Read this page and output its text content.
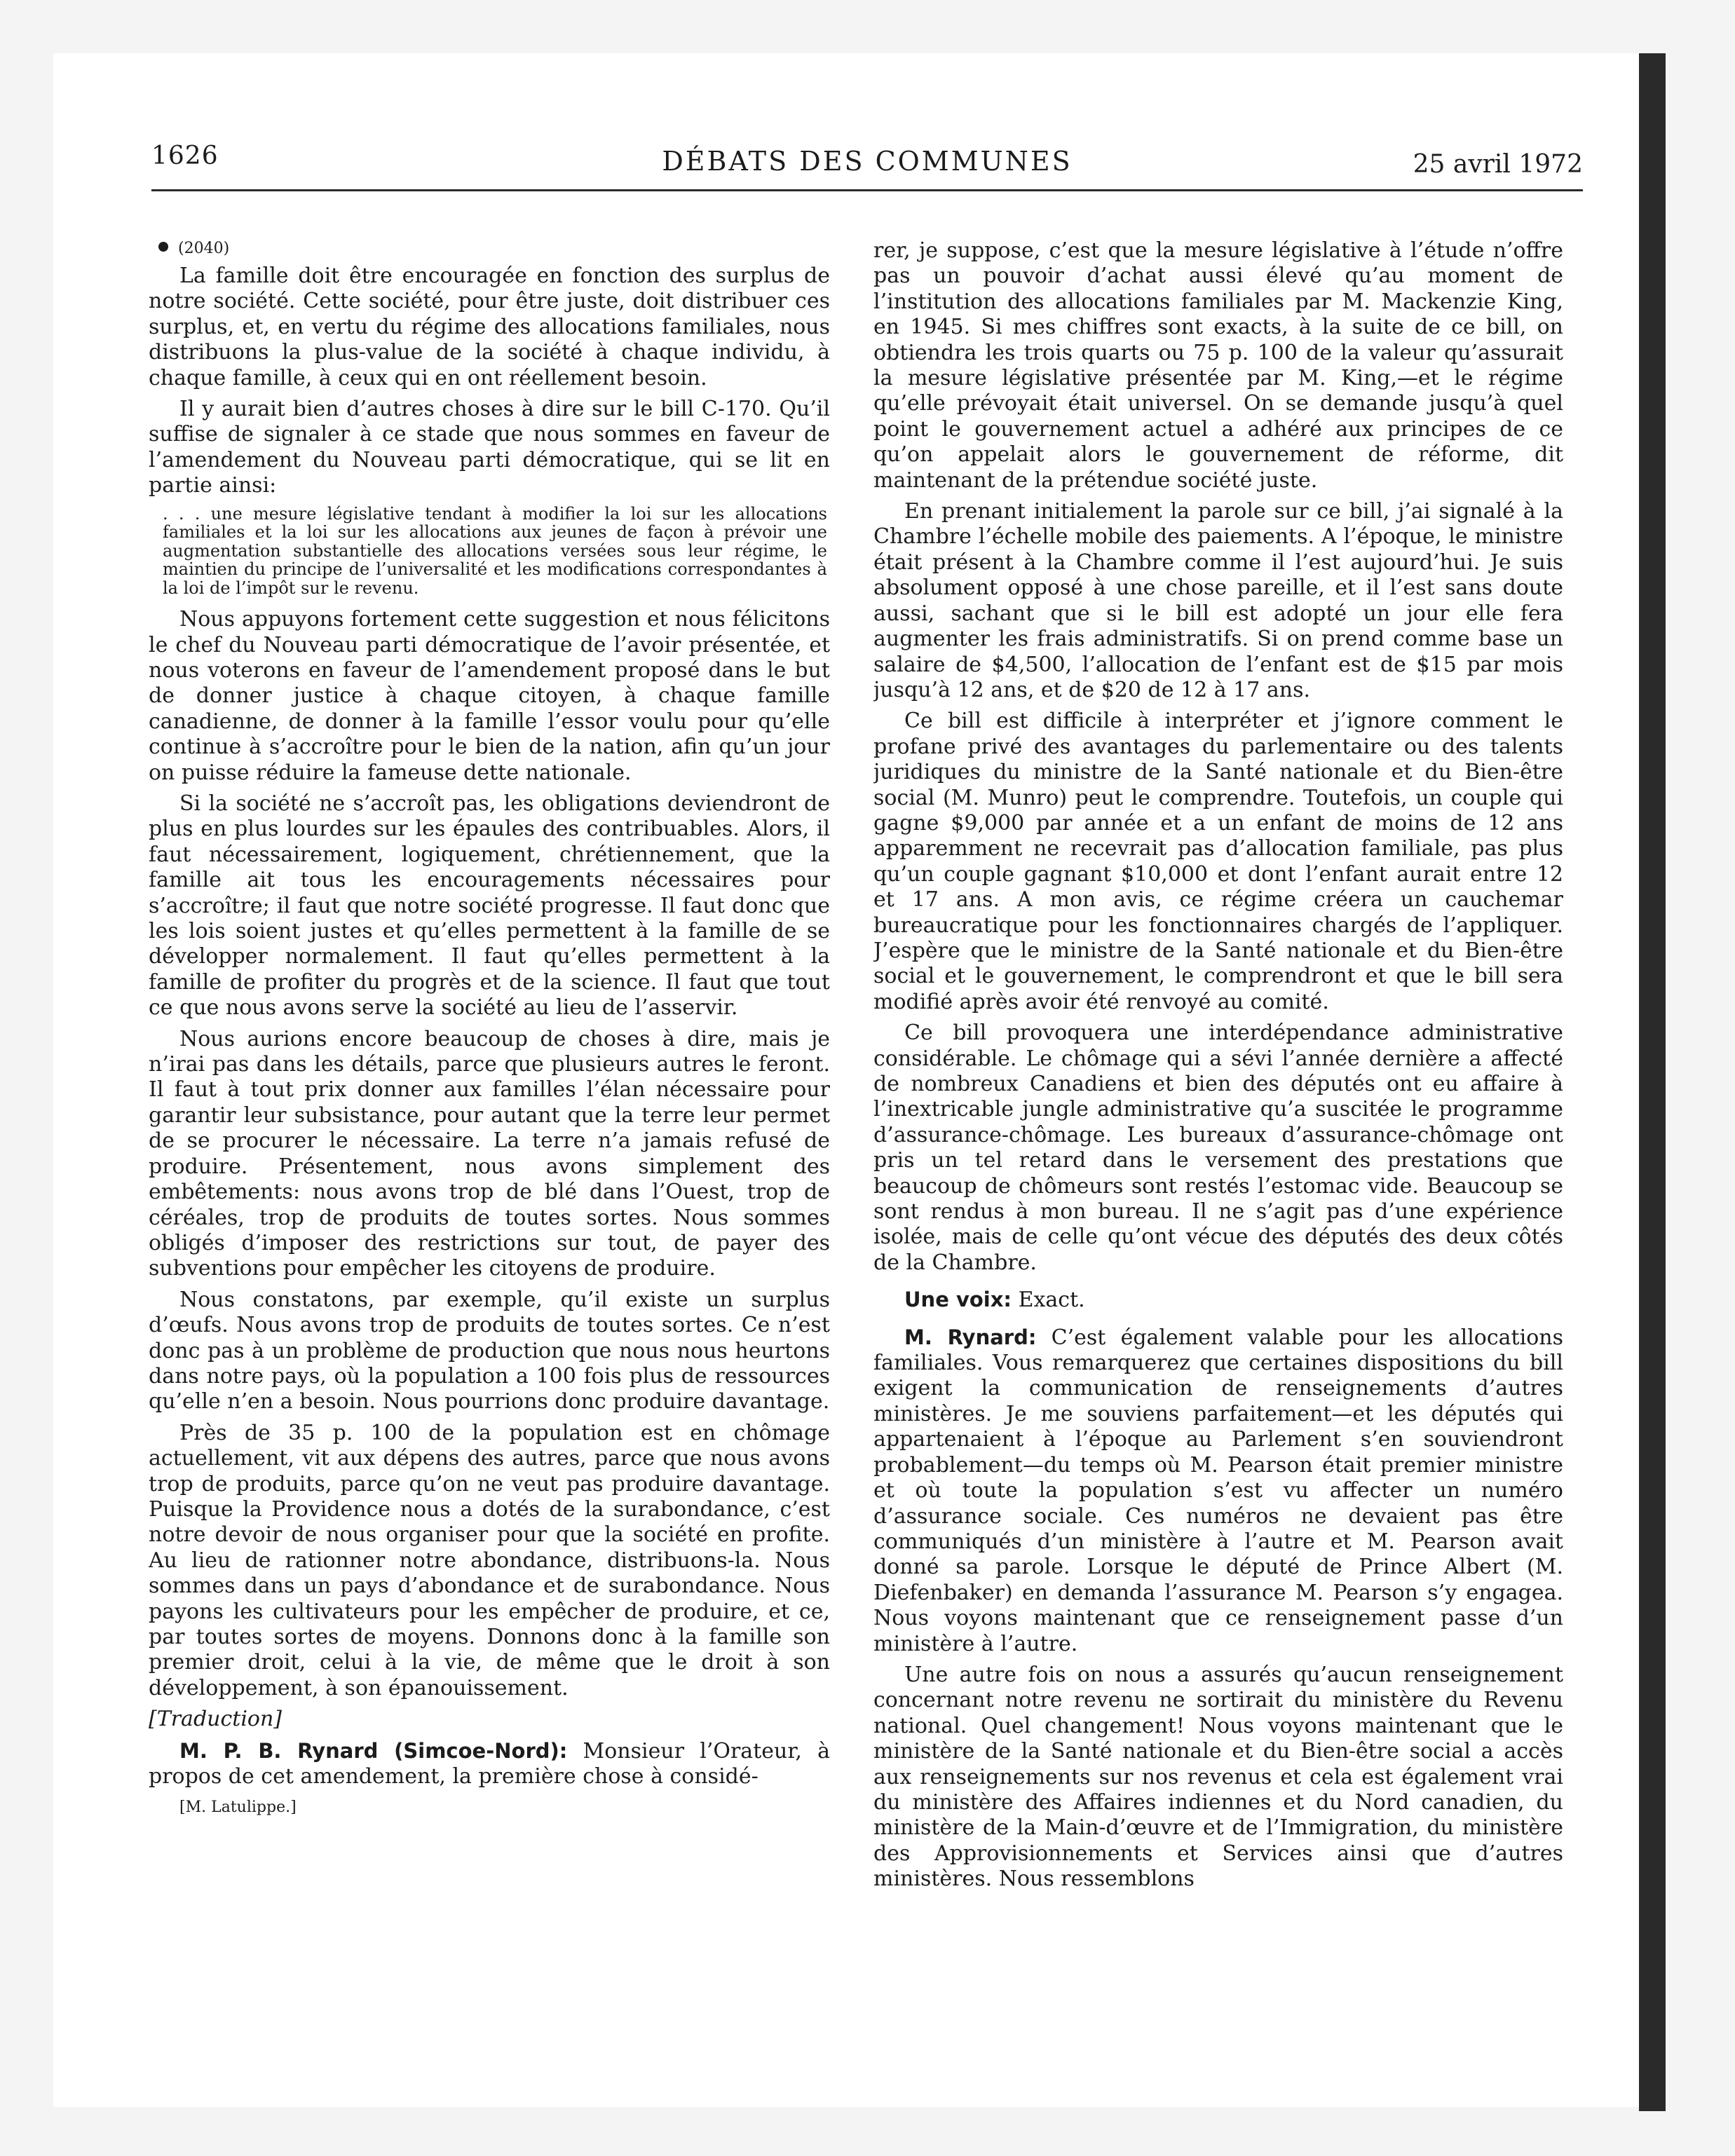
1626	DÉBATS DES COMMUNES	25 avril 1972
(2040)

La famille doit être encouragée en fonction des surplus de notre société. Cette société, pour être juste, doit distribuer ces surplus, et, en vertu du régime des allocations familiales, nous distribuons la plus-value de la société à chaque individu, à chaque famille, à ceux qui en ont réellement besoin.

Il y aurait bien d’autres choses à dire sur le bill C-170. Qu’il suffise de signaler à ce stade que nous sommes en faveur de l’amendement du Nouveau parti démocratique, qui se lit en partie ainsi:

. . . une mesure législative tendant à modifier la loi sur les allocations familiales et la loi sur les allocations aux jeunes de façon à prévoir une augmentation substantielle des allocations versées sous leur régime, le maintien du principe de l’universalité et les modifications correspondantes à la loi de l’impôt sur le revenu.

Nous appuyons fortement cette suggestion et nous félicitons le chef du Nouveau parti démocratique de l’avoir présentée, et nous voterons en faveur de l’amendement proposé dans le but de donner justice à chaque citoyen, à chaque famille canadienne, de donner à la famille l’essor voulu pour qu’elle continue à s’accroître pour le bien de la nation, afin qu’un jour on puisse réduire la fameuse dette nationale.

Si la société ne s’accroît pas, les obligations deviendront de plus en plus lourdes sur les épaules des contribuables. Alors, il faut nécessairement, logiquement, chrétiennement, que la famille ait tous les encouragements nécessaires pour s’accroître; il faut que notre société progresse. Il faut donc que les lois soient justes et qu’elles permettent à la famille de se développer normalement. Il faut qu’elles permettent à la famille de profiter du progrès et de la science. Il faut que tout ce que nous avons serve la société au lieu de l’asservir.

Nous aurions encore beaucoup de choses à dire, mais je n’irai pas dans les détails, parce que plusieurs autres le feront. Il faut à tout prix donner aux familles l’élan nécessaire pour garantir leur subsistance, pour autant que la terre leur permet de se procurer le nécessaire. La terre n’a jamais refusé de produire. Présentement, nous avons simplement des embêtements: nous avons trop de blé dans l’Ouest, trop de céréales, trop de produits de toutes sortes. Nous sommes obligés d’imposer des restrictions sur tout, de payer des subventions pour empêcher les citoyens de produire.

Nous constatons, par exemple, qu’il existe un surplus d’œufs. Nous avons trop de produits de toutes sortes. Ce n’est donc pas à un problème de production que nous nous heurtons dans notre pays, où la population a 100 fois plus de ressources qu’elle n’en a besoin. Nous pourrions donc produire davantage.

Près de 35 p. 100 de la population est en chômage actuellement, vit aux dépens des autres, parce que nous avons trop de produits, parce qu’on ne veut pas produire davantage. Puisque la Providence nous a dotés de la surabondance, c’est notre devoir de nous organiser pour que la société en profite. Au lieu de rationner notre abondance, distribuons-la. Nous sommes dans un pays d’abondance et de surabondance. Nous payons les cultivateurs pour les empêcher de produire, et ce, par toutes sortes de moyens. Donnons donc à la famille son premier droit, celui à la vie, de même que le droit à son développement, à son épanouissement.

[Traduction]

M. P. B. Rynard (Simcoe-Nord): Monsieur l’Orateur, à propos de cet amendement, la première chose à considé-

[M. Latulippe.]

rer, je suppose, c’est que la mesure législative à l’étude n’offre pas un pouvoir d’achat aussi élevé qu’au moment de l’institution des allocations familiales par M. Mackenzie King, en 1945. Si mes chiffres sont exacts, à la suite de ce bill, on obtiendra les trois quarts ou 75 p. 100 de la valeur qu’assurait la mesure législative présentée par M. King,—et le régime qu’elle prévoyait était universel. On se demande jusqu’à quel point le gouvernement actuel a adhéré aux principes de ce qu’on appelait alors le gouvernement de réforme, dit maintenant de la prétendue société juste.

En prenant initialement la parole sur ce bill, j’ai signalé à la Chambre l’échelle mobile des paiements. A l’époque, le ministre était présent à la Chambre comme il l’est aujourd’hui. Je suis absolument opposé à une chose pareille, et il l’est sans doute aussi, sachant que si le bill est adopté un jour elle fera augmenter les frais administratifs. Si on prend comme base un salaire de $4,500, l’allocation de l’enfant est de $15 par mois jusqu’à 12 ans, et de $20 de 12 à 17 ans.

Ce bill est difficile à interpréter et j’ignore comment le profane privé des avantages du parlementaire ou des talents juridiques du ministre de la Santé nationale et du Bien-être social (M. Munro) peut le comprendre. Toutefois, un couple qui gagne $9,000 par année et a un enfant de moins de 12 ans apparemment ne recevrait pas d’allocation familiale, pas plus qu’un couple gagnant $10,000 et dont l’enfant aurait entre 12 et 17 ans. A mon avis, ce régime créera un cauchemar bureaucratique pour les fonctionnaires chargés de l’appliquer. J’espère que le ministre de la Santé nationale et du Bien-être social et le gouvernement, le comprendront et que le bill sera modifié après avoir été renvoyé au comité.

Ce bill provoquera une interdépendance administrative considérable. Le chômage qui a sévi l’année dernière a affecté de nombreux Canadiens et bien des députés ont eu affaire à l’inextricable jungle administrative qu’a suscitée le programme d’assurance-chômage. Les bureaux d’assurance-chômage ont pris un tel retard dans le versement des prestations que beaucoup de chômeurs sont restés l’estomac vide. Beaucoup se sont rendus à mon bureau. Il ne s’agit pas d’une expérience isolée, mais de celle qu’ont vécue des députés des deux côtés de la Chambre.

Une voix: Exact.

M. Rynard: C’est également valable pour les allocations familiales. Vous remarquerez que certaines dispositions du bill exigent la communication de renseignements d’autres ministères. Je me souviens parfaitement—et les députés qui appartenaient à l’époque au Parlement s’en souviendront probablement—du temps où M. Pearson était premier ministre et où toute la population s’est vu affecter un numéro d’assurance sociale. Ces numéros ne devaient pas être communiqués d’un ministère à l’autre et M. Pearson avait donné sa parole. Lorsque le député de Prince Albert (M. Diefenbaker) en demanda l’assurance M. Pearson s’y engagea. Nous voyons maintenant que ce renseignement passe d’un ministère à l’autre.

Une autre fois on nous a assurés qu’aucun renseignement concernant notre revenu ne sortirait du ministère du Revenu national. Quel changement! Nous voyons maintenant que le ministère de la Santé nationale et du Bien-être social a accès aux renseignements sur nos revenus et cela est également vrai du ministère des Affaires indiennes et du Nord canadien, du ministère de la Main-d’œuvre et de l’Immigration, du ministère des Approvisionnements et Services ainsi que d’autres ministères. Nous ressemblons
